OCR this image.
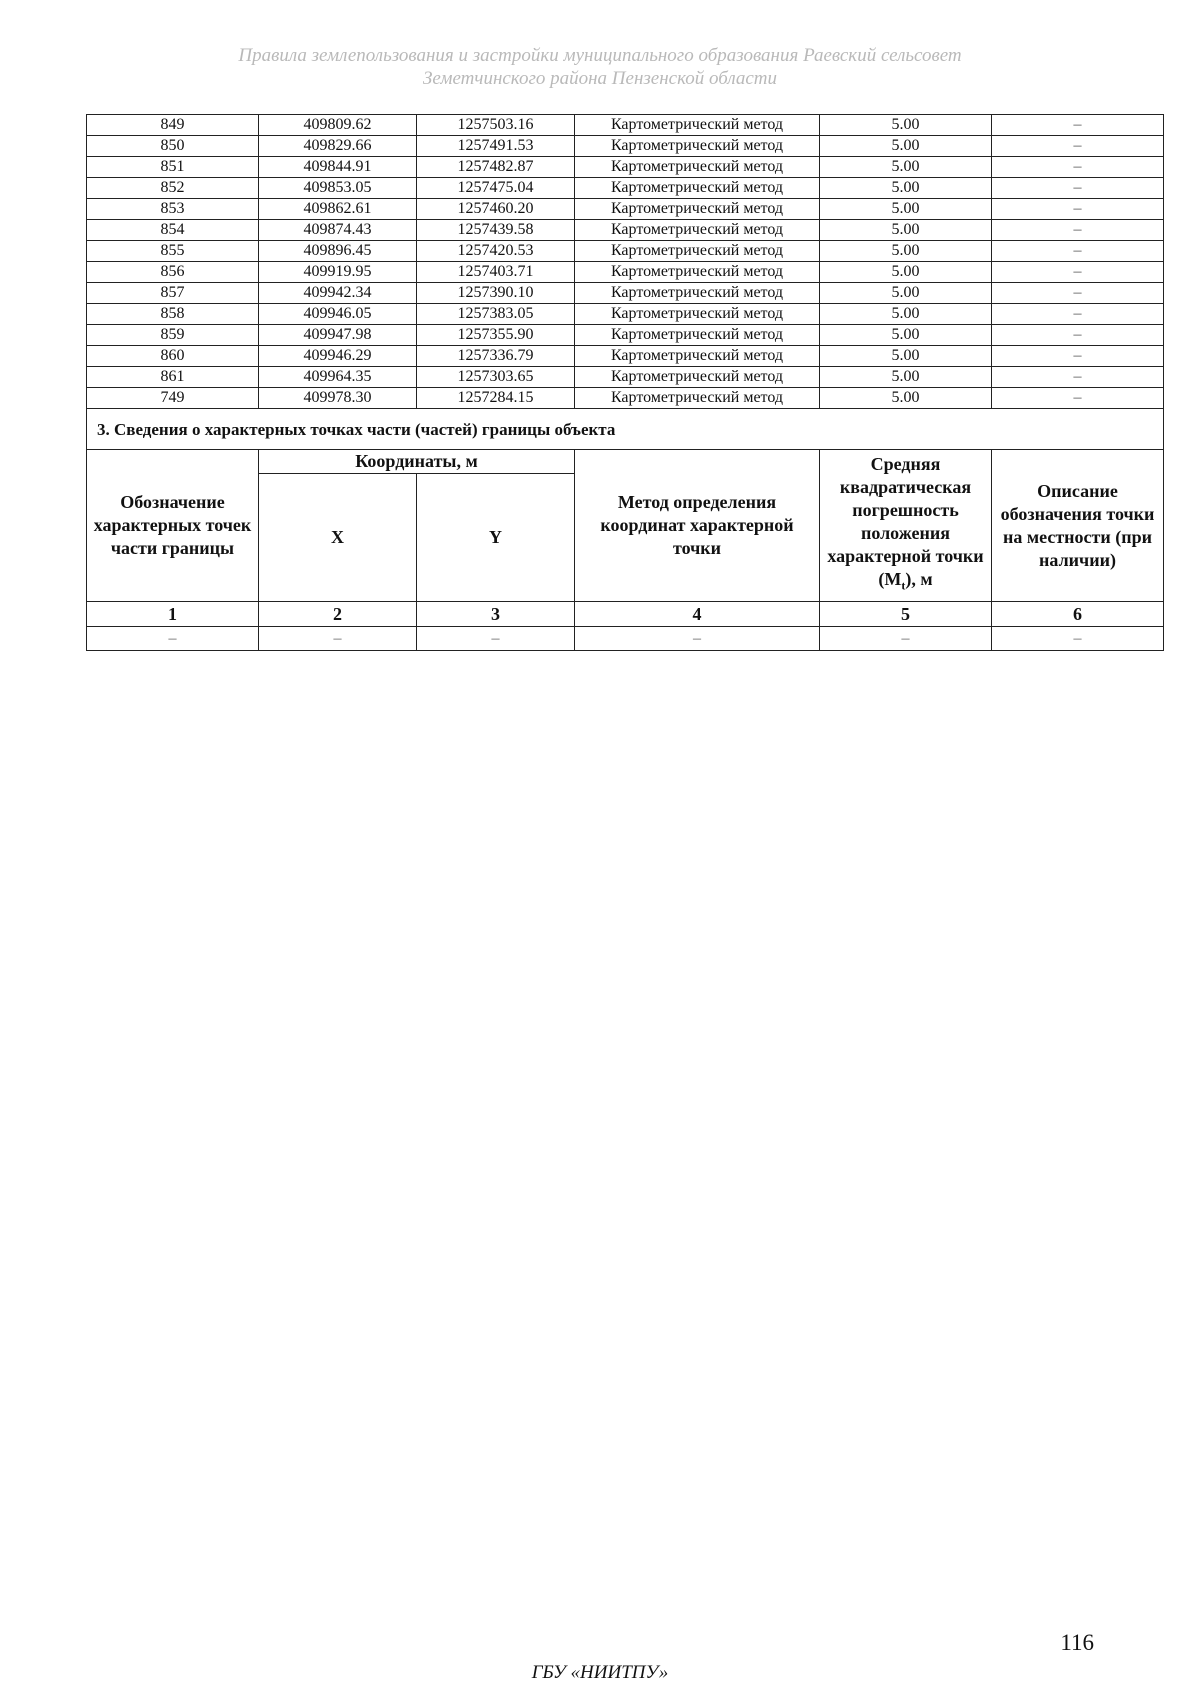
Правила землепользования и застройки муниципального образования Раевский сельсовет
Земетчинского района Пензенской области
849	409809.62	1257503.16	Картометрический метод	5.00	–
850	409829.66	1257491.53	Картометрический метод	5.00	–
851	409844.91	1257482.87	Картометрический метод	5.00	–
852	409853.05	1257475.04	Картометрический метод	5.00	–
853	409862.61	1257460.20	Картометрический метод	5.00	–
854	409874.43	1257439.58	Картометрический метод	5.00	–
855	409896.45	1257420.53	Картометрический метод	5.00	–
856	409919.95	1257403.71	Картометрический метод	5.00	–
857	409942.34	1257390.10	Картометрический метод	5.00	–
858	409946.05	1257383.05	Картометрический метод	5.00	–
859	409947.98	1257355.90	Картометрический метод	5.00	–
860	409946.29	1257336.79	Картометрический метод	5.00	–
861	409964.35	1257303.65	Картометрический метод	5.00	–
749	409978.30	1257284.15	Картометрический метод	5.00	–
3. Сведения о характерных точках части (частей) границы объекта					
Обозначение характерных точек части границы	Координаты, м		Метод определения координат характерной точки	Средняя квадратическая погрешность положения характерной точки $(M_t)$, м	Описание обозначения точки на местности (при наличии)
	X	Y			
1	2	3	4	5	6
–	–	–	–	–	–
116
ГБУ «НИИТПУ»
